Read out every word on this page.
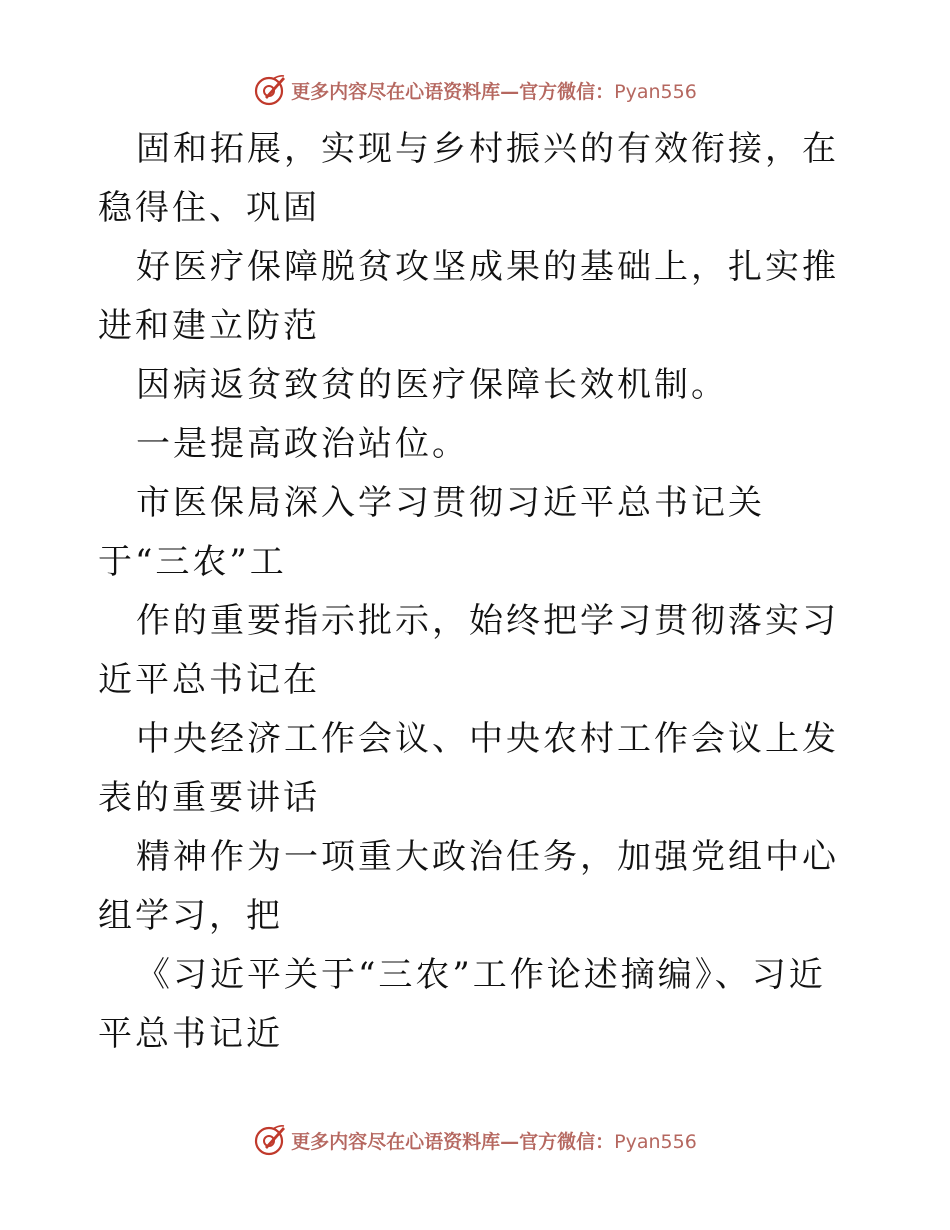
更多内容尽在心语资料库—官方微信：Pyan556

固和拓展，实现与乡村振兴的有效衔接，在稳得住、巩固

好医疗保障脱贫攻坚成果的基础上，扎实推进和建立防范

因病返贫致贫的医疗保障长效机制。

一是提高政治站位。

市医保局深入学习贯彻习近平总书记关于“三农”工

作的重要指示批示，始终把学习贯彻落实习近平总书记在

中央经济工作会议、中央农村工作会议上发表的重要讲话

精神作为一项重大政治任务，加强党组中心组学习，把

《习近平关于“三农”工作论述摘编》、习近平总书记近

更多内容尽在心语资料库—官方微信：Pyan556
